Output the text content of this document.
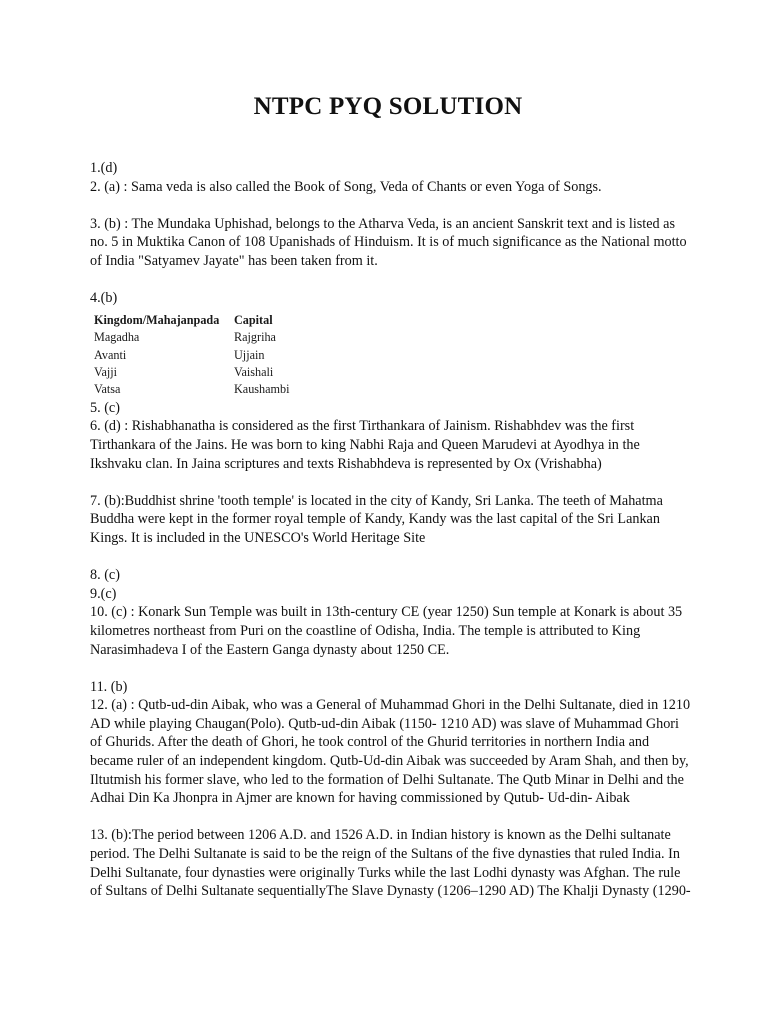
NTPC PYQ SOLUTION
1.(d)
2. (a) : Sama veda is also called the Book of Song, Veda of Chants or even Yoga of Songs.
3. (b) : The Mundaka Uphishad, belongs to the Atharva Veda, is an ancient Sanskrit text and is listed as
no. 5 in Muktika Canon of 108 Upanishads of Hinduism. It is of much significance as the National motto
of India "Satyamev Jayate" has been taken from it.
4.(b)
Kingdom/Mahajanpada	Capital
Magadha	Rajgriha
Avanti	Ujjain
Vajji	Vaishali
Vatsa	Kaushambi
5. (c)
6. (d) : Rishabhanatha is considered as the first Tirthankara of Jainism. Rishabhdev was the first
Tirthankara of the Jains. He was born to king Nabhi Raja and Queen Marudevi at Ayodhya in the
Ikshvaku clan. In Jaina scriptures and texts Rishabhdeva is represented by Ox (Vrishabha)
7. (b):Buddhist shrine 'tooth temple' is located in the city of Kandy, Sri Lanka. The teeth of Mahatma
Buddha were kept in the former royal temple of Kandy, Kandy was the last capital of the Sri Lankan
Kings. It is included in the UNESCO's World Heritage Site
8. (c)
9.(c)
10. (c) : Konark Sun Temple was built in 13th-century CE (year 1250) Sun temple at Konark is about 35
kilometres northeast from Puri on the coastline of Odisha, India. The temple is attributed to King
Narasimhadeva I of the Eastern Ganga dynasty about 1250 CE.
11. (b)
12. (a) : Qutb-ud-din Aibak, who was a General of Muhammad Ghori in the Delhi Sultanate, died in 1210
AD while playing Chaugan(Polo). Qutb-ud-din Aibak (1150- 1210 AD) was slave of Muhammad Ghori
of Ghurids. After the death of Ghori, he took control of the Ghurid territories in northern India and
became ruler of an independent kingdom. Qutb-Ud-din Aibak was succeeded by Aram Shah, and then by,
Iltutmish his former slave, who led to the formation of Delhi Sultanate. The Qutb Minar in Delhi and the
Adhai Din Ka Jhonpra in Ajmer are known for having commissioned by Qutub- Ud-din- Aibak
13. (b):The period between 1206 A.D. and 1526 A.D. in Indian history is known as the Delhi sultanate
period. The Delhi Sultanate is said to be the reign of the Sultans of the five dynasties that ruled India. In
Delhi Sultanate, four dynasties were originally Turks while the last Lodhi dynasty was Afghan. The rule
of Sultans of Delhi Sultanate sequentiallyThe Slave Dynasty (1206–1290 AD) The Khalji Dynasty (1290-
